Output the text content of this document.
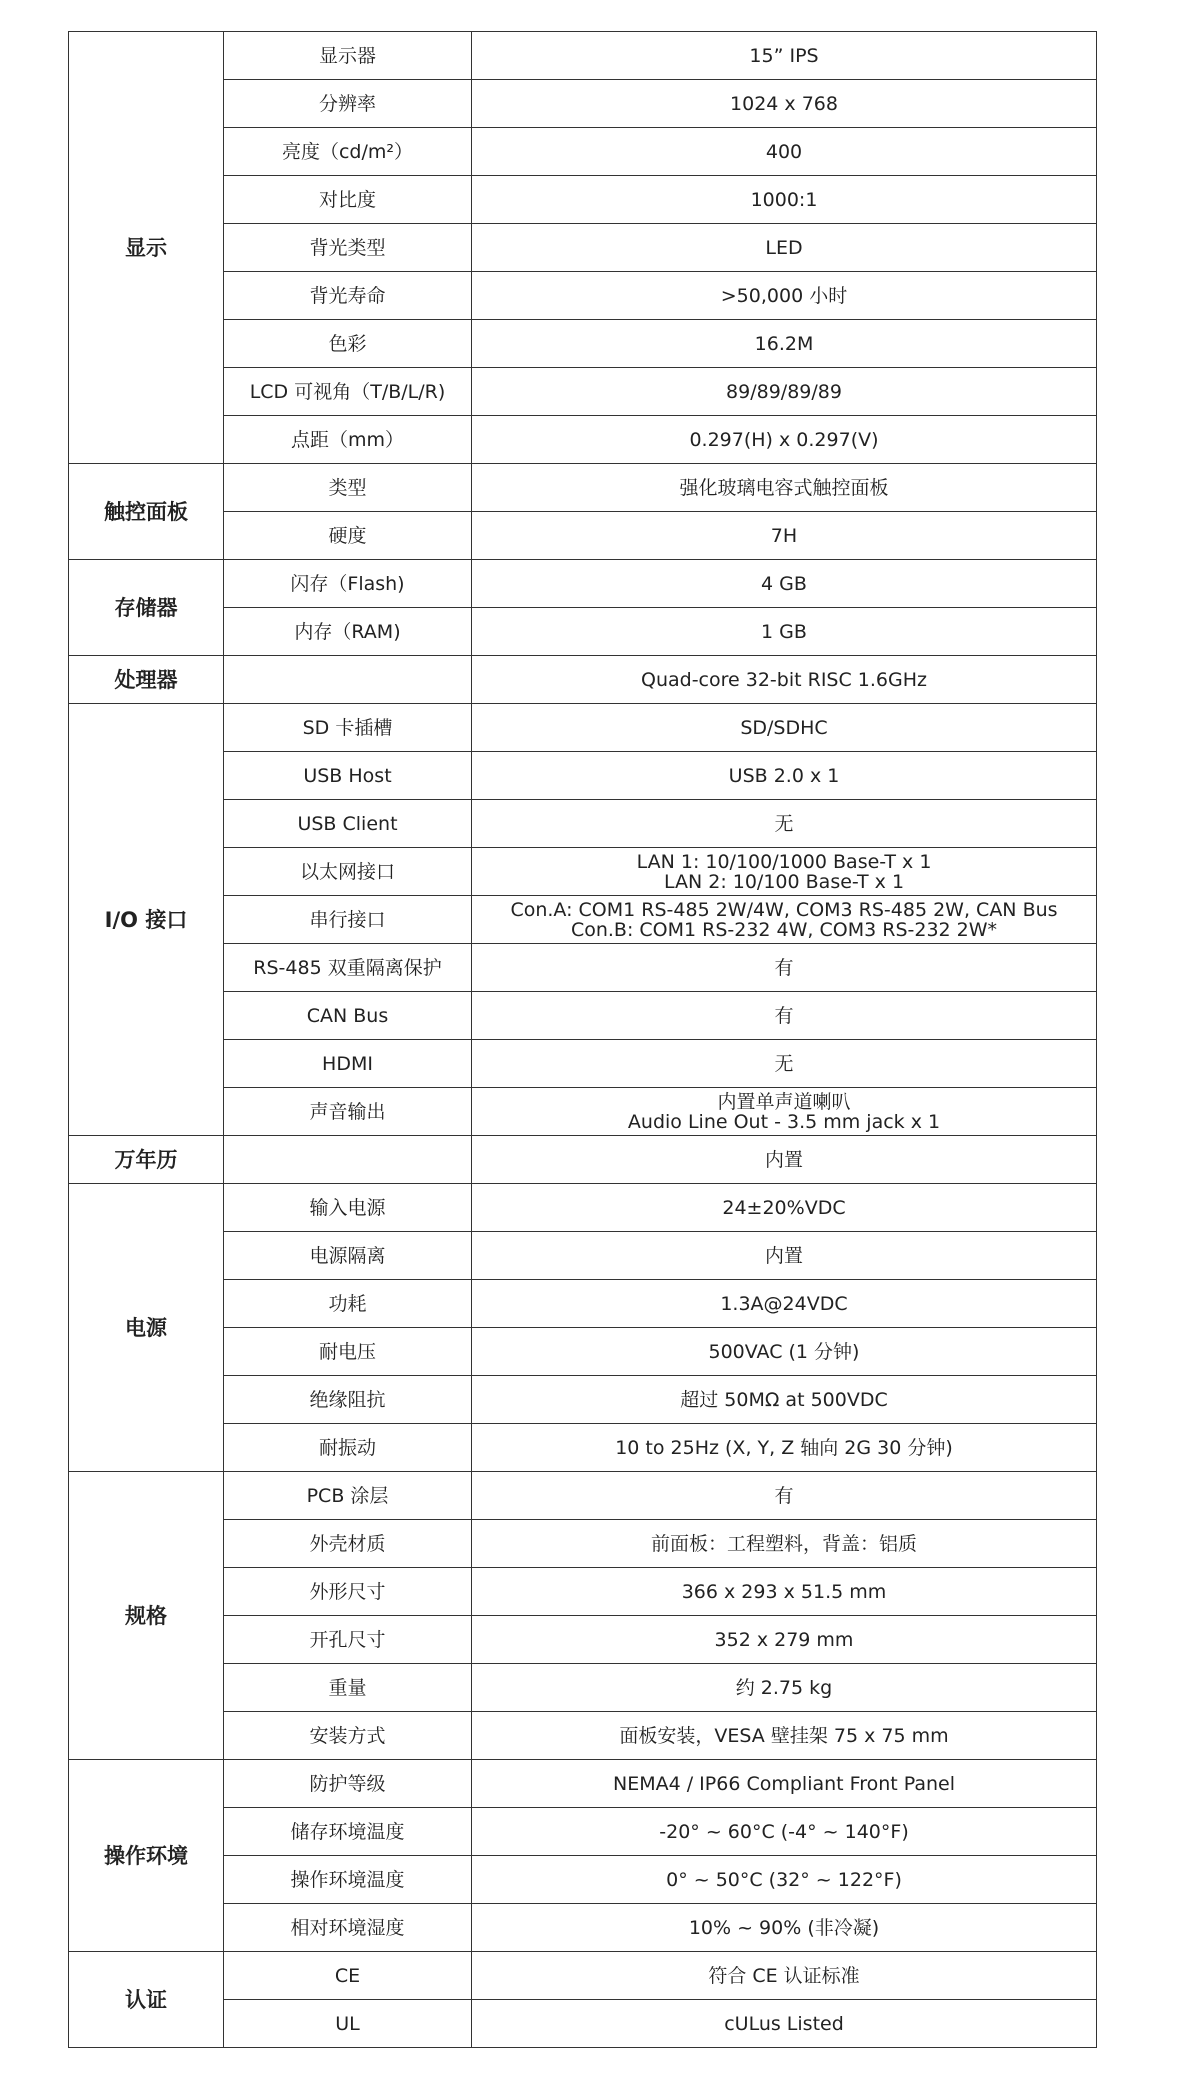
显示	显示器	15” IPS

	分辨率	1024 x 768

	亮度（cd/m²）	400

	对比度	1000:1

	背光类型	LED

	背光寿命	>50,000 小时

	色彩	16.2M

	LCD 可视角（T/B/L/R)	89/89/89/89

	点距（mm）	0.297(H) x 0.297(V)

触控面板	类型	强化玻璃电容式触控面板

	硬度	7H

存储器	闪存（Flash)	4 GB

	内存（RAM)	1 GB

处理器		Quad-core 32-bit RISC 1.6GHz

I/O 接口	SD 卡插槽	SD/SDHC

	USB Host	USB 2.0 x 1

	USB Client	无

	以太网接口	LAN 1: 10/100/1000 Base-T x 1
LAN 2: 10/100 Base-T x 1

	串行接口	Con.A: COM1 RS-485 2W/4W, COM3 RS-485 2W, CAN Bus
Con.B: COM1 RS-232 4W, COM3 RS-232 2W*

	RS-485 双重隔离保护	有

	CAN Bus	有

	HDMI	无

	声音输出	内置单声道喇叭
Audio Line Out - 3.5 mm jack x 1

万年历		内置

电源	输入电源	24±20%VDC

	电源隔离	内置

	功耗	1.3A@24VDC

	耐电压	500VAC (1 分钟)

	绝缘阻抗	超过 50MΩ at 500VDC

	耐振动	10 to 25Hz (X, Y, Z 轴向 2G 30 分钟)

规格	PCB 涂层	有

	外壳材质	前面板：工程塑料，背盖：铝质

	外形尺寸	366 x 293 x 51.5 mm

	开孔尺寸	352 x 279 mm

	重量	约 2.75 kg

	安装方式	面板安装，VESA 壁挂架 75 x 75 mm

操作环境	防护等级	NEMA4 / IP66 Compliant Front Panel

	储存环境温度	-20° ~ 60°C (-4° ~ 140°F)

	操作环境温度	0° ~ 50°C (32° ~ 122°F)

	相对环境湿度	10% ~ 90% (非冷凝)

认证	CE	符合 CE 认证标准

	UL	cULus Listed
